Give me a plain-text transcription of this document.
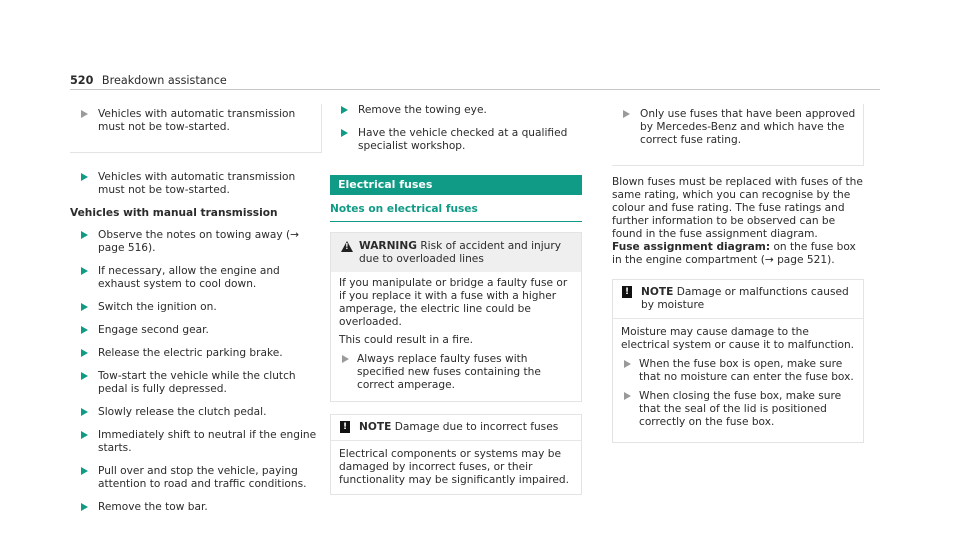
520 Breakdown assistance
Vehicles with automatic transmission must not be tow-started.
Vehicles with automatic transmission must not be tow-started.
Vehicles with manual transmission
Observe the notes on towing away (→ page 516).
If necessary, allow the engine and exhaust system to cool down.
Switch the ignition on.
Engage second gear.
Release the electric parking brake.
Tow-start the vehicle while the clutch pedal is fully depressed.
Slowly release the clutch pedal.
Immediately shift to neutral if the engine starts.
Pull over and stop the vehicle, paying attention to road and traffic conditions.
Remove the tow bar.
Remove the towing eye.
Have the vehicle checked at a qualified specialist workshop.
Electrical fuses
Notes on electrical fuses
!
WARNING Risk of accident and injury due to overloaded lines

If you manipulate or bridge a faulty fuse or if you replace it with a fuse with a higher amperage, the electric line could be overloaded.

This could result in a fire.

Always replace faulty fuses with specified new fuses containing the correct amperage.
! NOTE Damage due to incorrect fuses

Electrical components or systems may be damaged by incorrect fuses, or their functionality may be significantly impaired.

Only use fuses that have been approved by Mercedes-Benz and which have the correct fuse rating.

Blown fuses must be replaced with fuses of the same rating, which you can recognise by the colour and fuse rating. The fuse ratings and further information to be observed can be found in the fuse assignment diagram.

Fuse assignment diagram: on the fuse box in the engine compartment (→ page 521).

! NOTE Damage or malfunctions caused by moisture

Moisture may cause damage to the electrical system or cause it to malfunction.

When the fuse box is open, make sure that no moisture can enter the fuse box.
When closing the fuse box, make sure that the seal of the lid is positioned correctly on the fuse box.
